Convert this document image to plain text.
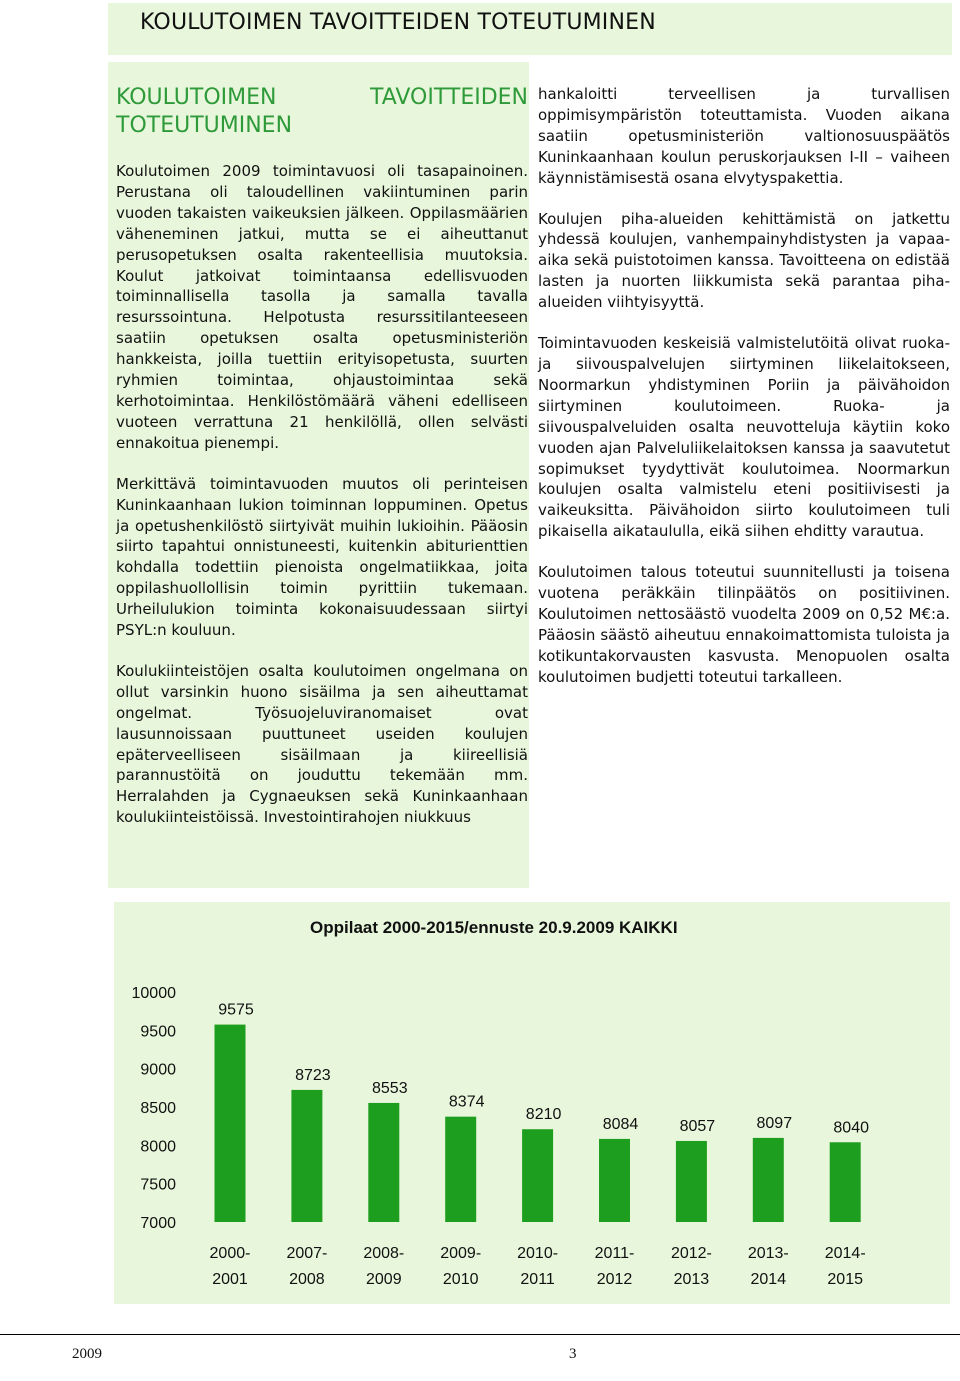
KOULUTOIMEN TAVOITTEIDEN TOTEUTUMINEN
KOULUTOIMEN TAVOITTEIDEN TOTEUTUMINEN

Koulutoimen 2009 toimintavuosi oli tasapainoinen. Perustana oli taloudellinen vakiintuminen parin vuoden takaisten vaikeuksien jälkeen. Oppilasmäärien väheneminen jatkui, mutta se ei aiheuttanut perusopetuksen osalta rakenteellisia muutoksia. Koulut jatkoivat toimintaansa edellisvuoden toiminnallisella tasolla ja samalla tavalla resurssointuna. Helpotusta resurssitilanteeseen saatiin opetuksen osalta opetusministeriön hankkeista, joilla tuettiin erityisopetusta, suurten ryhmien toimintaa, ohjaustoimintaa sekä kerhotoimintaa. Henkilöstömäärä väheni edelliseen vuoteen verrattuna 21 henkilöllä, ollen selvästi ennakoitua pienempi.

Merkittävä toimintavuoden muutos oli perinteisen Kuninkaanhaan lukion toiminnan loppuminen. Opetus ja opetushenkilöstö siirtyivät muihin lukioihin. Pääosin siirto tapahtui onnistuneesti, kuitenkin abiturienttien kohdalla todettiin pienoista ongelmatiikkaa, joita oppilashuollollisin toimin pyrittiin tukemaan. Urheilulukion toiminta kokonaisuudessaan siirtyi PSYL:n kouluun.

Koulukiinteistöjen osalta koulutoimen ongelmana on ollut varsinkin huono sisäilma ja sen aiheuttamat ongelmat. Työsuojeluviranomaiset ovat lausunnoissaan puuttuneet useiden koulujen epäterveelliseen sisäilmaan ja kiireellisiä parannustöitä on jouduttu tekemään mm. Herralahden ja Cygnaeuksen sekä Kuninkaanhaan koulukiinteistöissä. Investointirahojen niukkuus

hankaloitti terveellisen ja turvallisen oppimisympäristön toteuttamista. Vuoden aikana saatiin opetusministeriön valtionosuuspäätös Kuninkaanhaan koulun peruskorjauksen I-II – vaiheen käynnistämisestä osana elvytyspakettia.

Koulujen piha-alueiden kehittämistä on jatkettu yhdessä koulujen, vanhempainyhdistysten ja vapaa-aika sekä puistotoimen kanssa. Tavoitteena on edistää lasten ja nuorten liikkumista sekä parantaa piha-alueiden viihtyisyyttä.

Toimintavuoden keskeisiä valmistelutöitä olivat ruoka- ja siivouspalvelujen siirtyminen liikelaitokseen, Noormarkun yhdistyminen Poriin ja päivähoidon siirtyminen koulutoimeen. Ruoka- ja siivouspalveluiden osalta neuvotteluja käytiin koko vuoden ajan Palveluliikelaitoksen kanssa ja saavutetut sopimukset tyydyttivät koulutoimea. Noormarkun koulujen osalta valmistelu eteni positiivisesti ja vaikeuksitta. Päivähoidon siirto koulutoimeen tuli pikaisella aikataululla, eikä siihen ehditty varautua.

Koulutoimen talous toteutui suunnitellusti ja toisena vuotena peräkkäin tilinpäätös on positiivinen. Koulutoimen nettosäästö vuodelta 2009 on 0,52 M€:a. Pääosin säästö aiheutuu ennakoimattomista tuloista ja kotikuntakorvausten kasvusta. Menopuolen osalta koulutoimen budjetti toteutui tarkalleen.

Oppilaat 2000-2015/ennuste 20.9.2009 KAIKKI
10000
9500
9000
8500
8000
7500
7000
9575
2000-
2001
8723
2007-
2008
8553
2008-
2009
8374
2009-
2010
8210
2010-
2011
8084
2011-
2012
8057
2012-
2013
8097
2013-
2014
8040
2014-
2015
2009	3
